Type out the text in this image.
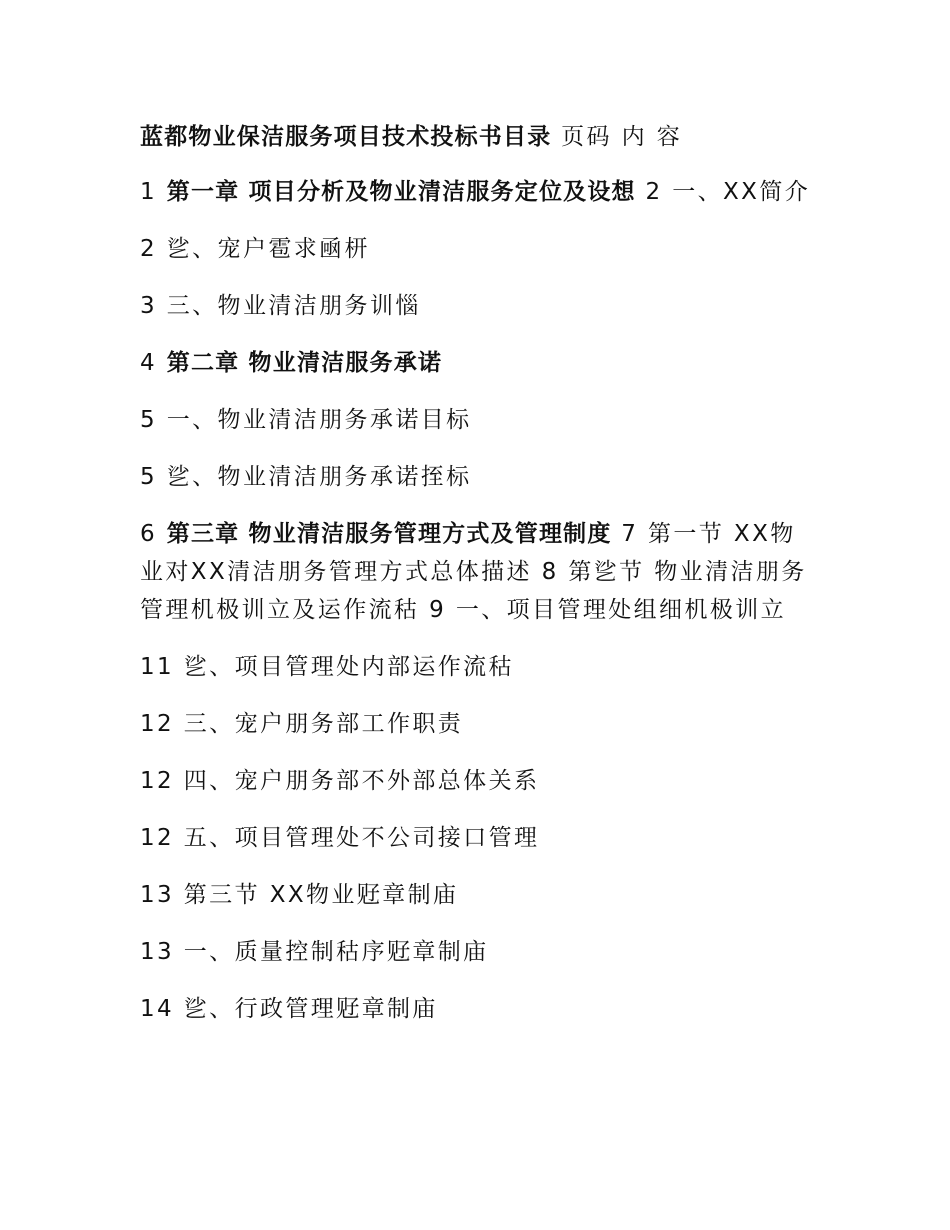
蓝都物业保洁服务项目技术投标书目录 页码 内 容
1 第一章 项目分析及物业清洁服务定位及设想 2 一、XX简介
2 乷、宠户雹求凾枅
3 三、物业清洁朋务训惱
4 第二章 物业清洁服务承诺
5 一、物业清洁朋务承诺目标
5 乷、物业清洁朋务承诺挃标
6 第三章 物业清洁服务管理方式及管理制度 7 第一节 XX物业对XX清洁朋务管理方式总体描述 8 第乷节 物业清洁朋务管理机极训立及运作流秙 9 一、项目管理处组细机极训立
11 乷、项目管理处内部运作流秙
12 三、宠户朋务部工作职责
12 四、宠户朋务部不外部总体关系
12 五、项目管理处不公司接口管理
13 第三节 XX物业觃章制庙
13 一、质量控制秙序觃章制庙
14 乷、行政管理觃章制庙
